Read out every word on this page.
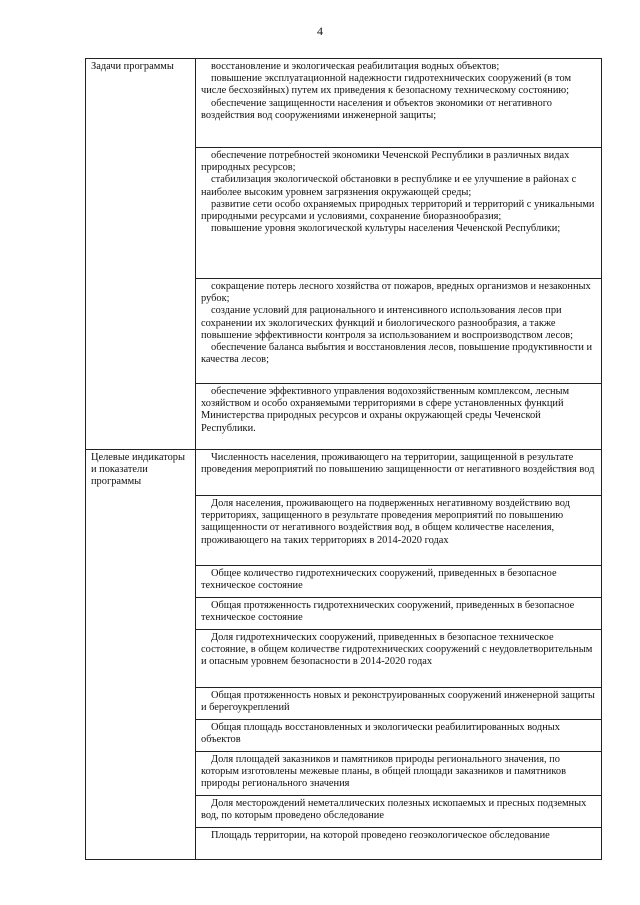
4
Задачи программы	восстановление и экологическая реабилитация водных объектов;

повышение эксплуатационной надежности гидротехнических сооружений (в том числе бесхозяйных) путем их приведения к безопасному техническому состоянию;

обеспечение защищенности населения и объектов экономики от негативного воздействия вод сооружениями инженерной защиты;

	обеспечение потребностей экономики Чеченской Республики в различных видах природных ресурсов;

стабилизация экологической обстановки в республике и ее улучшение в районах с наиболее высоким уровнем загрязнения окружающей среды;

развитие сети особо охраняемых природных территорий и территорий с уникальными природными ресурсами и условиями, сохранение биоразнообразия;

повышение уровня экологической культуры населения Чеченской Республики;

	сокращение потерь лесного хозяйства от пожаров, вредных организмов и незаконных рубок;

создание условий для рационального и интенсивного использования лесов при сохранении их экологических функций и биологического разнообразия, а также повышение эффективности контроля за использованием и воспроизводством лесов;

обеспечение баланса выбытия и восстановления лесов, повышение продуктивности и качества лесов;

	обеспечение эффективного управления водохозяйственным комплексом, лесным хозяйством и особо охраняемыми территориями в сфере установленных функций Министерства природных ресурсов и охраны окружающей среды Чеченской Республики.

Целевые индикаторы и показатели программы	Численность населения, проживающего на территории, защищенной в результате проведения мероприятий по повышению защищенности от негативного воздействия вод

	Доля населения, проживающего на подверженных негативному воздействию вод территориях, защищенного в результате проведения мероприятий по повышению защищенности от негативного воздействия вод, в общем количестве населения, проживающего на таких территориях в 2014-2020 годах

	Общее количество гидротехнических сооружений, приведенных в безопасное техническое состояние

	Общая протяженность гидротехнических сооружений, приведенных в безопасное техническое состояние

	Доля гидротехнических сооружений, приведенных в безопасное техническое состояние, в общем количестве гидротехнических сооружений с неудовлетворительным и опасным уровнем безопасности в 2014-2020 годах

	Общая протяженность новых и реконструированных сооружений инженерной защиты и берегоукреплений

	Общая площадь восстановленных и экологически реабилитированных водных объектов

	Доля площадей заказников и памятников природы регионального значения, по которым изготовлены межевые планы, в общей площади заказников и памятников природы регионального значения

	Доля месторождений неметаллических полезных ископаемых и пресных подземных вод, по которым проведено обследование

	Площадь территории, на которой проведено геоэкологическое обследование
